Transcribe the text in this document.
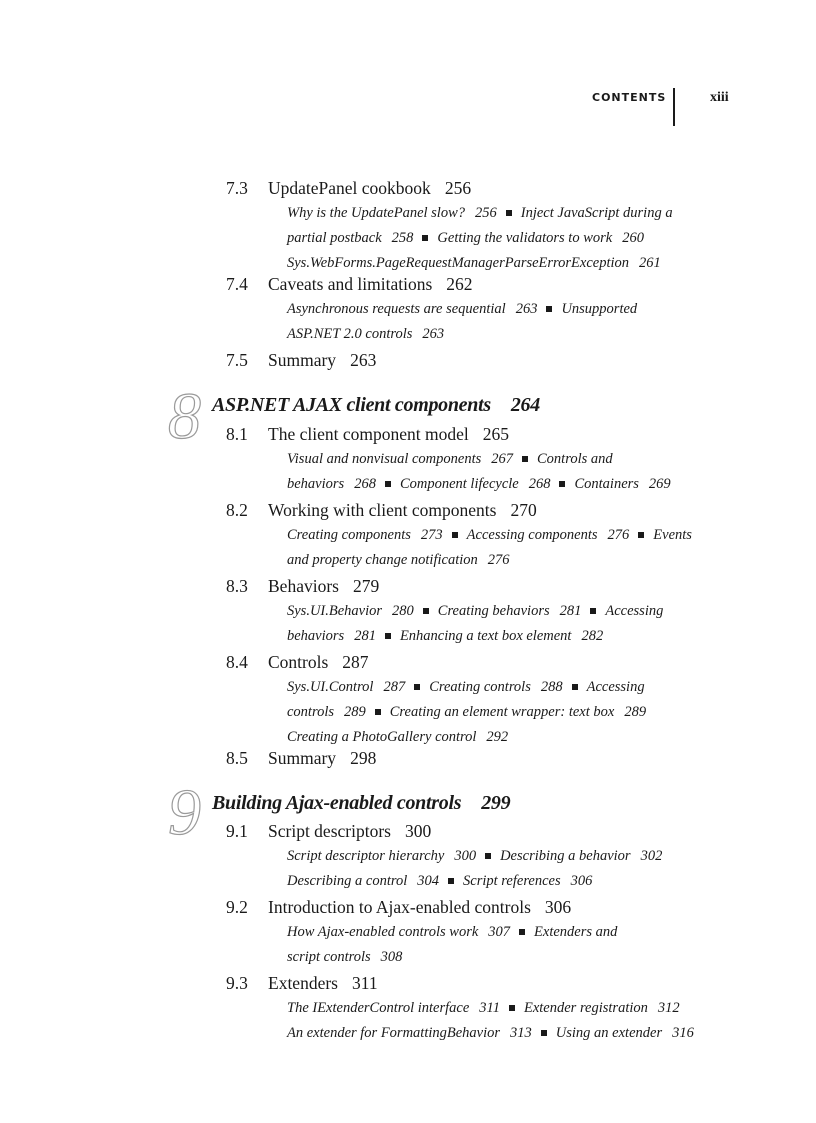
CONTENTS	xiii
7.3 UpdatePanel cookbook 256
Why is the UpdatePanel slow? 256 Inject JavaScript during a
partial postback 258 Getting the validators to work 260
Sys.WebForms.PageRequestManagerParseErrorException 261
7.4 Caveats and limitations 262
Asynchronous requests are sequential 263 Unsupported
ASP.NET 2.0 controls 263
7.5 Summary 263
8 ASP.NET AJAX client components 264
8.1 The client component model 265
Visual and nonvisual components 267 Controls and
behaviors 268 Component lifecycle 268 Containers 269
8.2 Working with client components 270
Creating components 273 Accessing components 276 Events
and property change notification 276
8.3 Behaviors 279
Sys.UI.Behavior 280 Creating behaviors 281 Accessing
behaviors 281 Enhancing a text box element 282
8.4 Controls 287
Sys.UI.Control 287 Creating controls 288 Accessing
controls 289 Creating an element wrapper: text box 289
Creating a PhotoGallery control 292
8.5 Summary 298
9 Building Ajax-enabled controls 299
9.1 Script descriptors 300
Script descriptor hierarchy 300 Describing a behavior 302
Describing a control 304 Script references 306
9.2 Introduction to Ajax-enabled controls 306
How Ajax-enabled controls work 307 Extenders and
script controls 308
9.3 Extenders 311
The IExtenderControl interface 311 Extender registration 312
An extender for FormattingBehavior 313 Using an extender 316
